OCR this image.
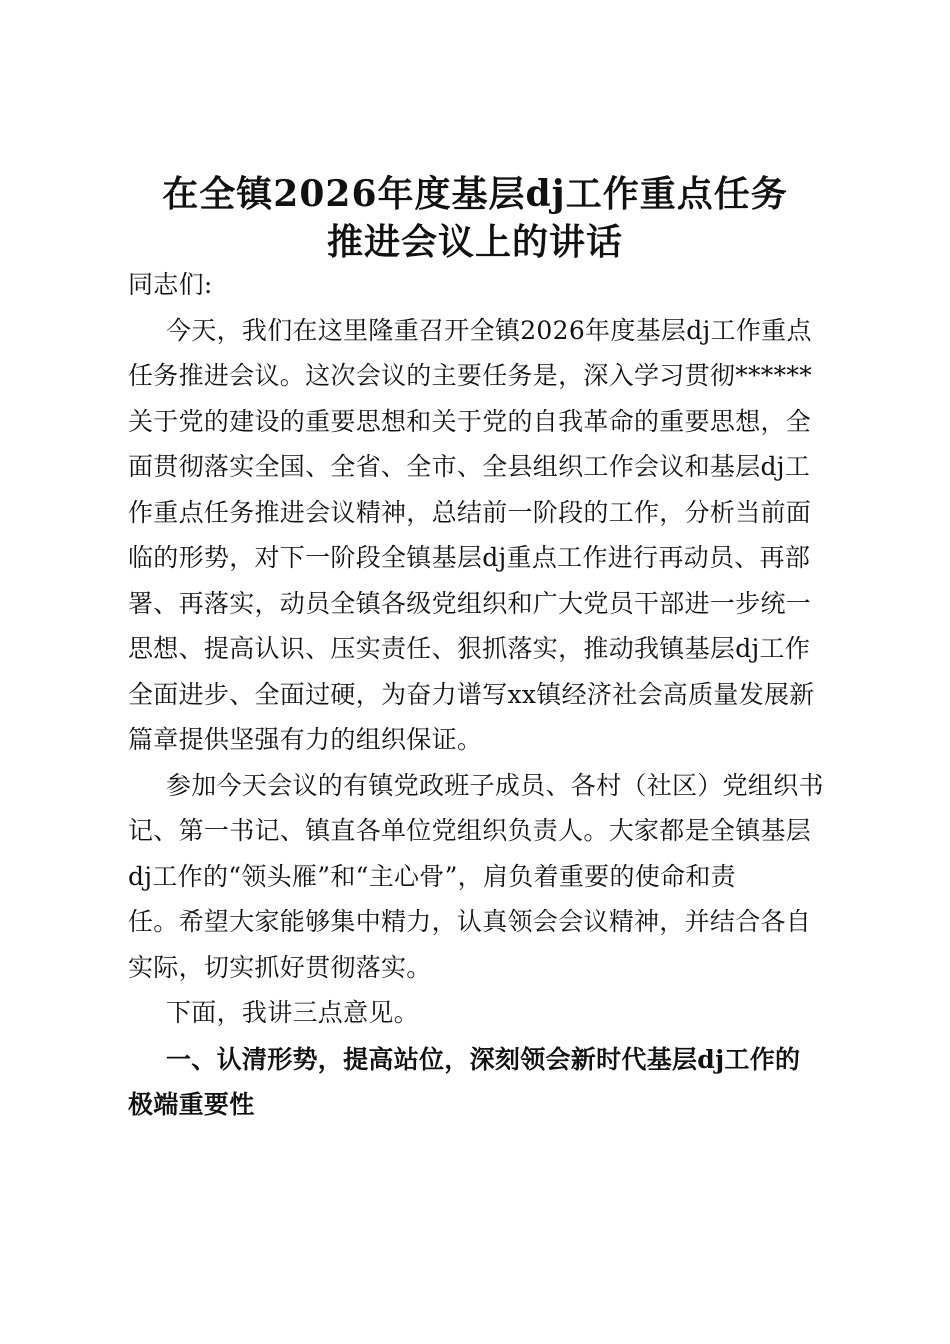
在全镇2026年度基层dj工作重点任务
推进会议上的讲话
同志们:
今天，我们在这里隆重召开全镇2026年度基层dj工作重点
任务推进会议。这次会议的主要任务是，深入学习贯彻******
关于党的建设的重要思想和关于党的自我革命的重要思想，全
面贯彻落实全国、全省、全市、全县组织工作会议和基层dj工
作重点任务推进会议精神，总结前一阶段的工作，分析当前面
临的形势，对下一阶段全镇基层dj重点工作进行再动员、再部
署、再落实，动员全镇各级党组织和广大党员干部进一步统一
思想、提高认识、压实责任、狠抓落实，推动我镇基层dj工作
全面进步、全面过硬，为奋力谱写xx镇经济社会高质量发展新
篇章提供坚强有力的组织保证。
参加今天会议的有镇党政班子成员、各村（社区）党组织书
记、第一书记、镇直各单位党组织负责人。大家都是全镇基层
dj工作的“领头雁”和“主心骨”，肩负着重要的使命和责
任。希望大家能够集中精力，认真领会会议精神，并结合各自
实际，切实抓好贯彻落实。
下面，我讲三点意见。
一、认清形势，提高站位，深刻领会新时代基层dj工作的
极端重要性
